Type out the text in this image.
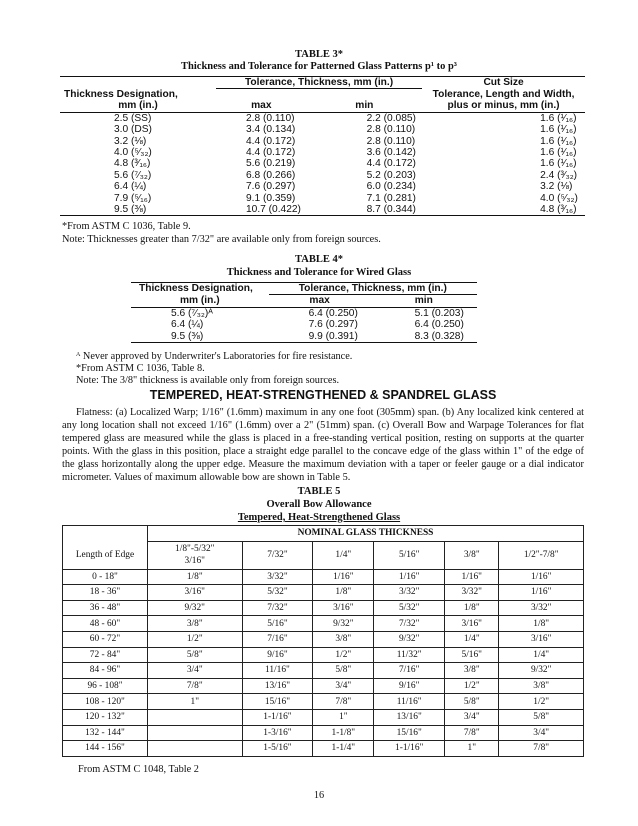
TABLE 3*
Thickness and Tolerance for Patterned Glass Patterns p¹ to p³
	Tolerance, Thickness, mm (in.)		Cut Size
Thickness Designation,			Tolerance, Length and Width,
mm (in.)	max	min	plus or minus, mm (in.)
2.5 (SS)	2.8 (0.110)	2.2 (0.085)	1.6 (¹⁄₁₆)
3.0 (DS)	3.4 (0.134)	2.8 (0.110)	1.6 (¹⁄₁₆)
3.2 (⅛)	4.4 (0.172)	2.8 (0.110)	1.6 (¹⁄₁₆)
4.0 (⁵⁄₃₂)	4.4 (0.172)	3.6 (0.142)	1.6 (¹⁄₁₆)
4.8 (³⁄₁₆)	5.6 (0.219)	4.4 (0.172)	1.6 (¹⁄₁₆)
5.6 (⁷⁄₃₂)	6.8 (0.266)	5.2 (0.203)	2.4 (³⁄₃₂)
6.4 (¼)	7.6 (0.297)	6.0 (0.234)	3.2 (⅛)
7.9 (⁵⁄₁₆)	9.1 (0.359)	7.1 (0.281)	4.0 (⁵⁄₃₂)
9.5 (⅜)	10.7 (0.422)	8.7 (0.344)	4.8 (³⁄₁₆)
*From ASTM C 1036, Table 9.
Note: Thicknesses greater than 7/32" are available only from foreign sources.
TABLE 4*
Thickness and Tolerance for Wired Glass
Thickness Designation,	Tolerance, Thickness, mm (in.)	
mm (in.)	max	min
5.6 (⁷⁄₃₂)ᴬ	6.4 (0.250)	5.1 (0.203)
6.4 (¼)	7.6 (0.297)	6.4 (0.250)
9.5 (⅜)	9.9 (0.391)	8.3 (0.328)
ᴬ Never approved by Underwriter's Laboratories for fire resistance.
*From ASTM C 1036, Table 8.
Note: The 3/8" thickness is available only from foreign sources.
TEMPERED, HEAT-STRENGTHENED & SPANDREL GLASS
Flatness: (a) Localized Warp; 1/16" (1.6mm) maximum in any one foot (305mm) span. (b) Any localized kink centered at any long location shall not exceed 1/16" (1.6mm) over a 2" (51mm) span. (c) Overall Bow and Warpage Tolerances for flat tempered glass are measured while the glass is placed in a free-standing vertical position, resting on supports at the quarter points. With the glass in this position, place a straight edge parallel to the concave edge of the glass within 1" of the edge of the glass horizontally along the upper edge. Measure the maximum deviation with a taper or feeler gauge or a dial indicator micrometer. Values of maximum allowable bow are shown in Table 5.
TABLE 5
Overall Bow Allowance
Tempered, Heat-Strengthened Glass
	NOMINAL GLASS THICKNESS					
Length of Edge	1/8"-5/32"
3/16"	7/32"	1/4"	5/16"	3/8"	1/2"-7/8"
0 - 18"	1/8"	3/32"	1/16"	1/16"	1/16"	1/16"
18 - 36"	3/16"	5/32"	1/8"	3/32"	3/32"	1/16"
36 - 48"	9/32"	7/32"	3/16"	5/32"	1/8"	3/32"
48 - 60"	3/8"	5/16"	9/32"	7/32"	3/16"	1/8"
60 - 72"	1/2"	7/16"	3/8"	9/32"	1/4"	3/16"
72 - 84"	5/8"	9/16"	1/2"	11/32"	5/16"	1/4"
84 - 96"	3/4"	11/16"	5/8"	7/16"	3/8"	9/32"
96 - 108"	7/8"	13/16"	3/4"	9/16"	1/2"	3/8"
108 - 120"	1"	15/16"	7/8"	11/16"	5/8"	1/2"
120 - 132"		1-1/16"	1"	13/16"	3/4"	5/8"
132 - 144"		1-3/16"	1-1/8"	15/16"	7/8"	3/4"
144 - 156"		1-5/16"	1-1/4"	1-1/16"	1"	7/8"
From ASTM C 1048, Table 2
16
